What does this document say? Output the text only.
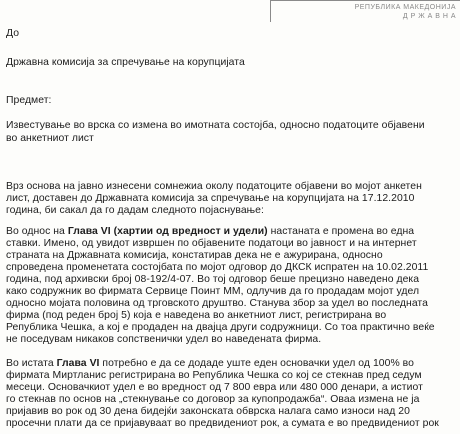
РЕПУБЛИКА МАКЕДОНИЈА
Д Р Ж А В Н А
До
Државна комисија за спречување на корупцијата
Предмет:
Известување во врска со измена во имотната состојба, односно податоците објавени
во анкетниот лист
Врз основа на јавно изнесени сомнежиа околу податоците објавени во мојот анкетен
лист, доставен до Државната комисија за спречување на корупцијата на 17.12.2010
година, би сакал да го дадам следното појаснување:
Во однос на Глава VI (хартии од вредност и удели) настаната е промена во една
ставки. Имено, од увидот извршен по објавените податоци во јавност и на интернет
страната на Државната комисија, констатирав дека не е ажурирана, односно
спроведена променетата состојбата по мојот одговор до ДКСК испратен на 10.02.2011
година, под архивски број 08-192/4-07. Во тој одговор беше прецизно наведено дека
како содружник во фирмата Сервице Поинт ММ, одлучив да го продадам мојот удел
односно мојата половина од трговското друштво. Станува збор за удел во последната
фирма (под реден број 5) која е наведена во анкетниот лист, регистрирана во
Република Чешка, а кој е продаден на двајца други содружници. Со тоа практично веќе
не поседувам никаков сопственички удел во наведената фирма.
Во истата Глава VI потребно е да се додаде уште еден основачки удел од 100% во
фирмата Миртланис регистрирана во Република Чешка со кој се стекнав пред седум
месеци. Основачкиот удел е во вредност од 7 800 евра или 480 000 денари, а истиот
го стекнав по основ на „стекнување со договор за купопродажба“. Оваа измена не ја
пријавив во рок од 30 дена бидејќи законската обврска налага само износи над 20
просечни плати да се пријавуваат во предвидениот рок, а сумата е во предвидениот рок
